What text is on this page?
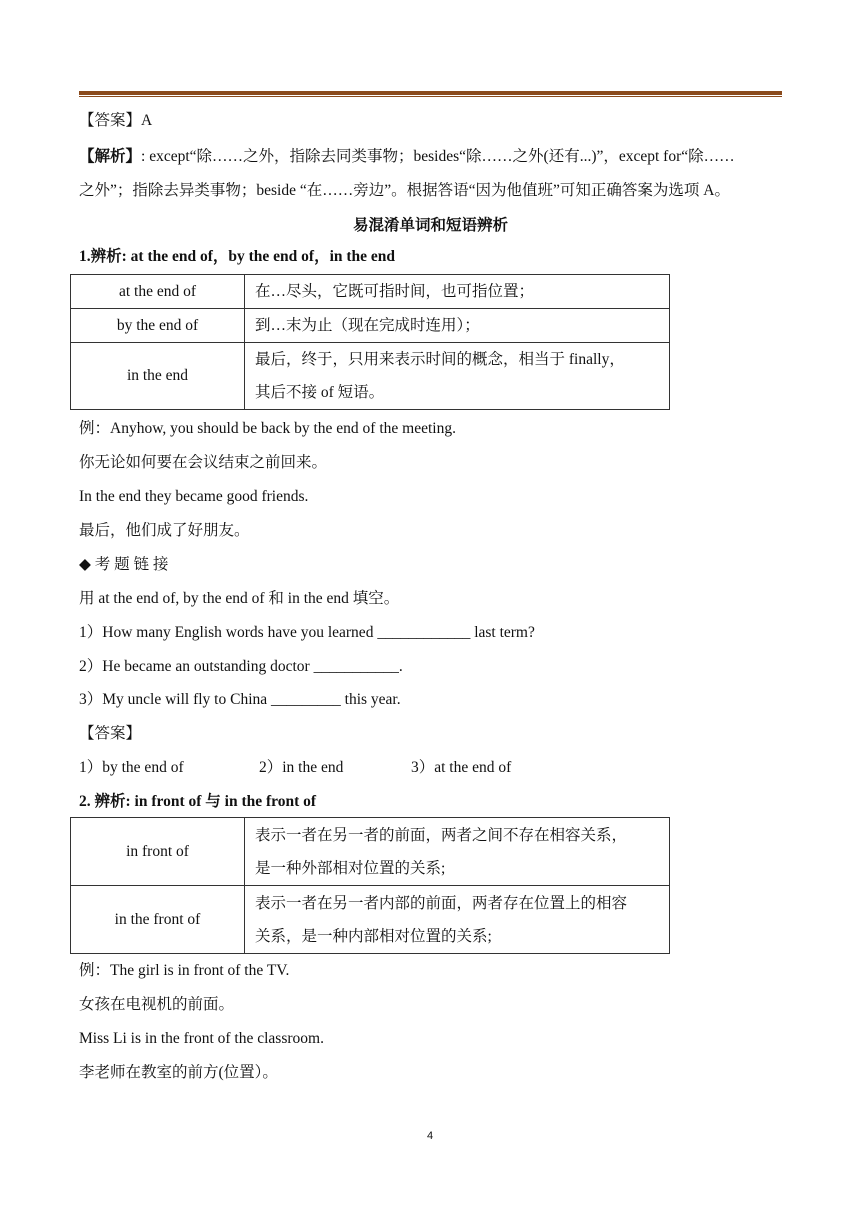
【答案】A
【解析】: except“除……之外，指除去同类事物；besides“除……之外(还有...)”，except for“除……
之外”；指除去异类事物；beside “在……旁边”。根据答语“因为他值班”可知正确答案为选项 A。
易混淆单词和短语辨析
1.辨析: at the end of，by the end of，in the end
at the end of	在…尽头，它既可指时间，也可指位置；
by the end of	到…末为止（现在完成时连用）；
in the end	最后，终于，只用来表示时间的概念，相当于 finally，
其后不接 of 短语。
例：Anyhow, you should be back by the end of the meeting.
你无论如何要在会议结束之前回来。
In the end they became good friends.
最后，他们成了好朋友。
◆ 考 题 链 接
用 at the end of, by the end of 和 in the end 填空。
1）How many English words have you learned ____________ last term?
2）He became an outstanding doctor ___________.
3）My uncle will fly to China _________ this year.
【答案】
1）by the end of	2）in the end	3）at the end of
2. 辨析: in front of 与 in the front of
in front of	表示一者在另一者的前面，两者之间不存在相容关系，
是一种外部相对位置的关系;

in the front of	表示一者在另一者内部的前面，两者存在位置上的相容
关系，是一种内部相对位置的关系;
例：The girl is in front of the TV.
女孩在电视机的前面。
Miss Li is in the front of the classroom.
李老师在教室的前方(位置）。
4
